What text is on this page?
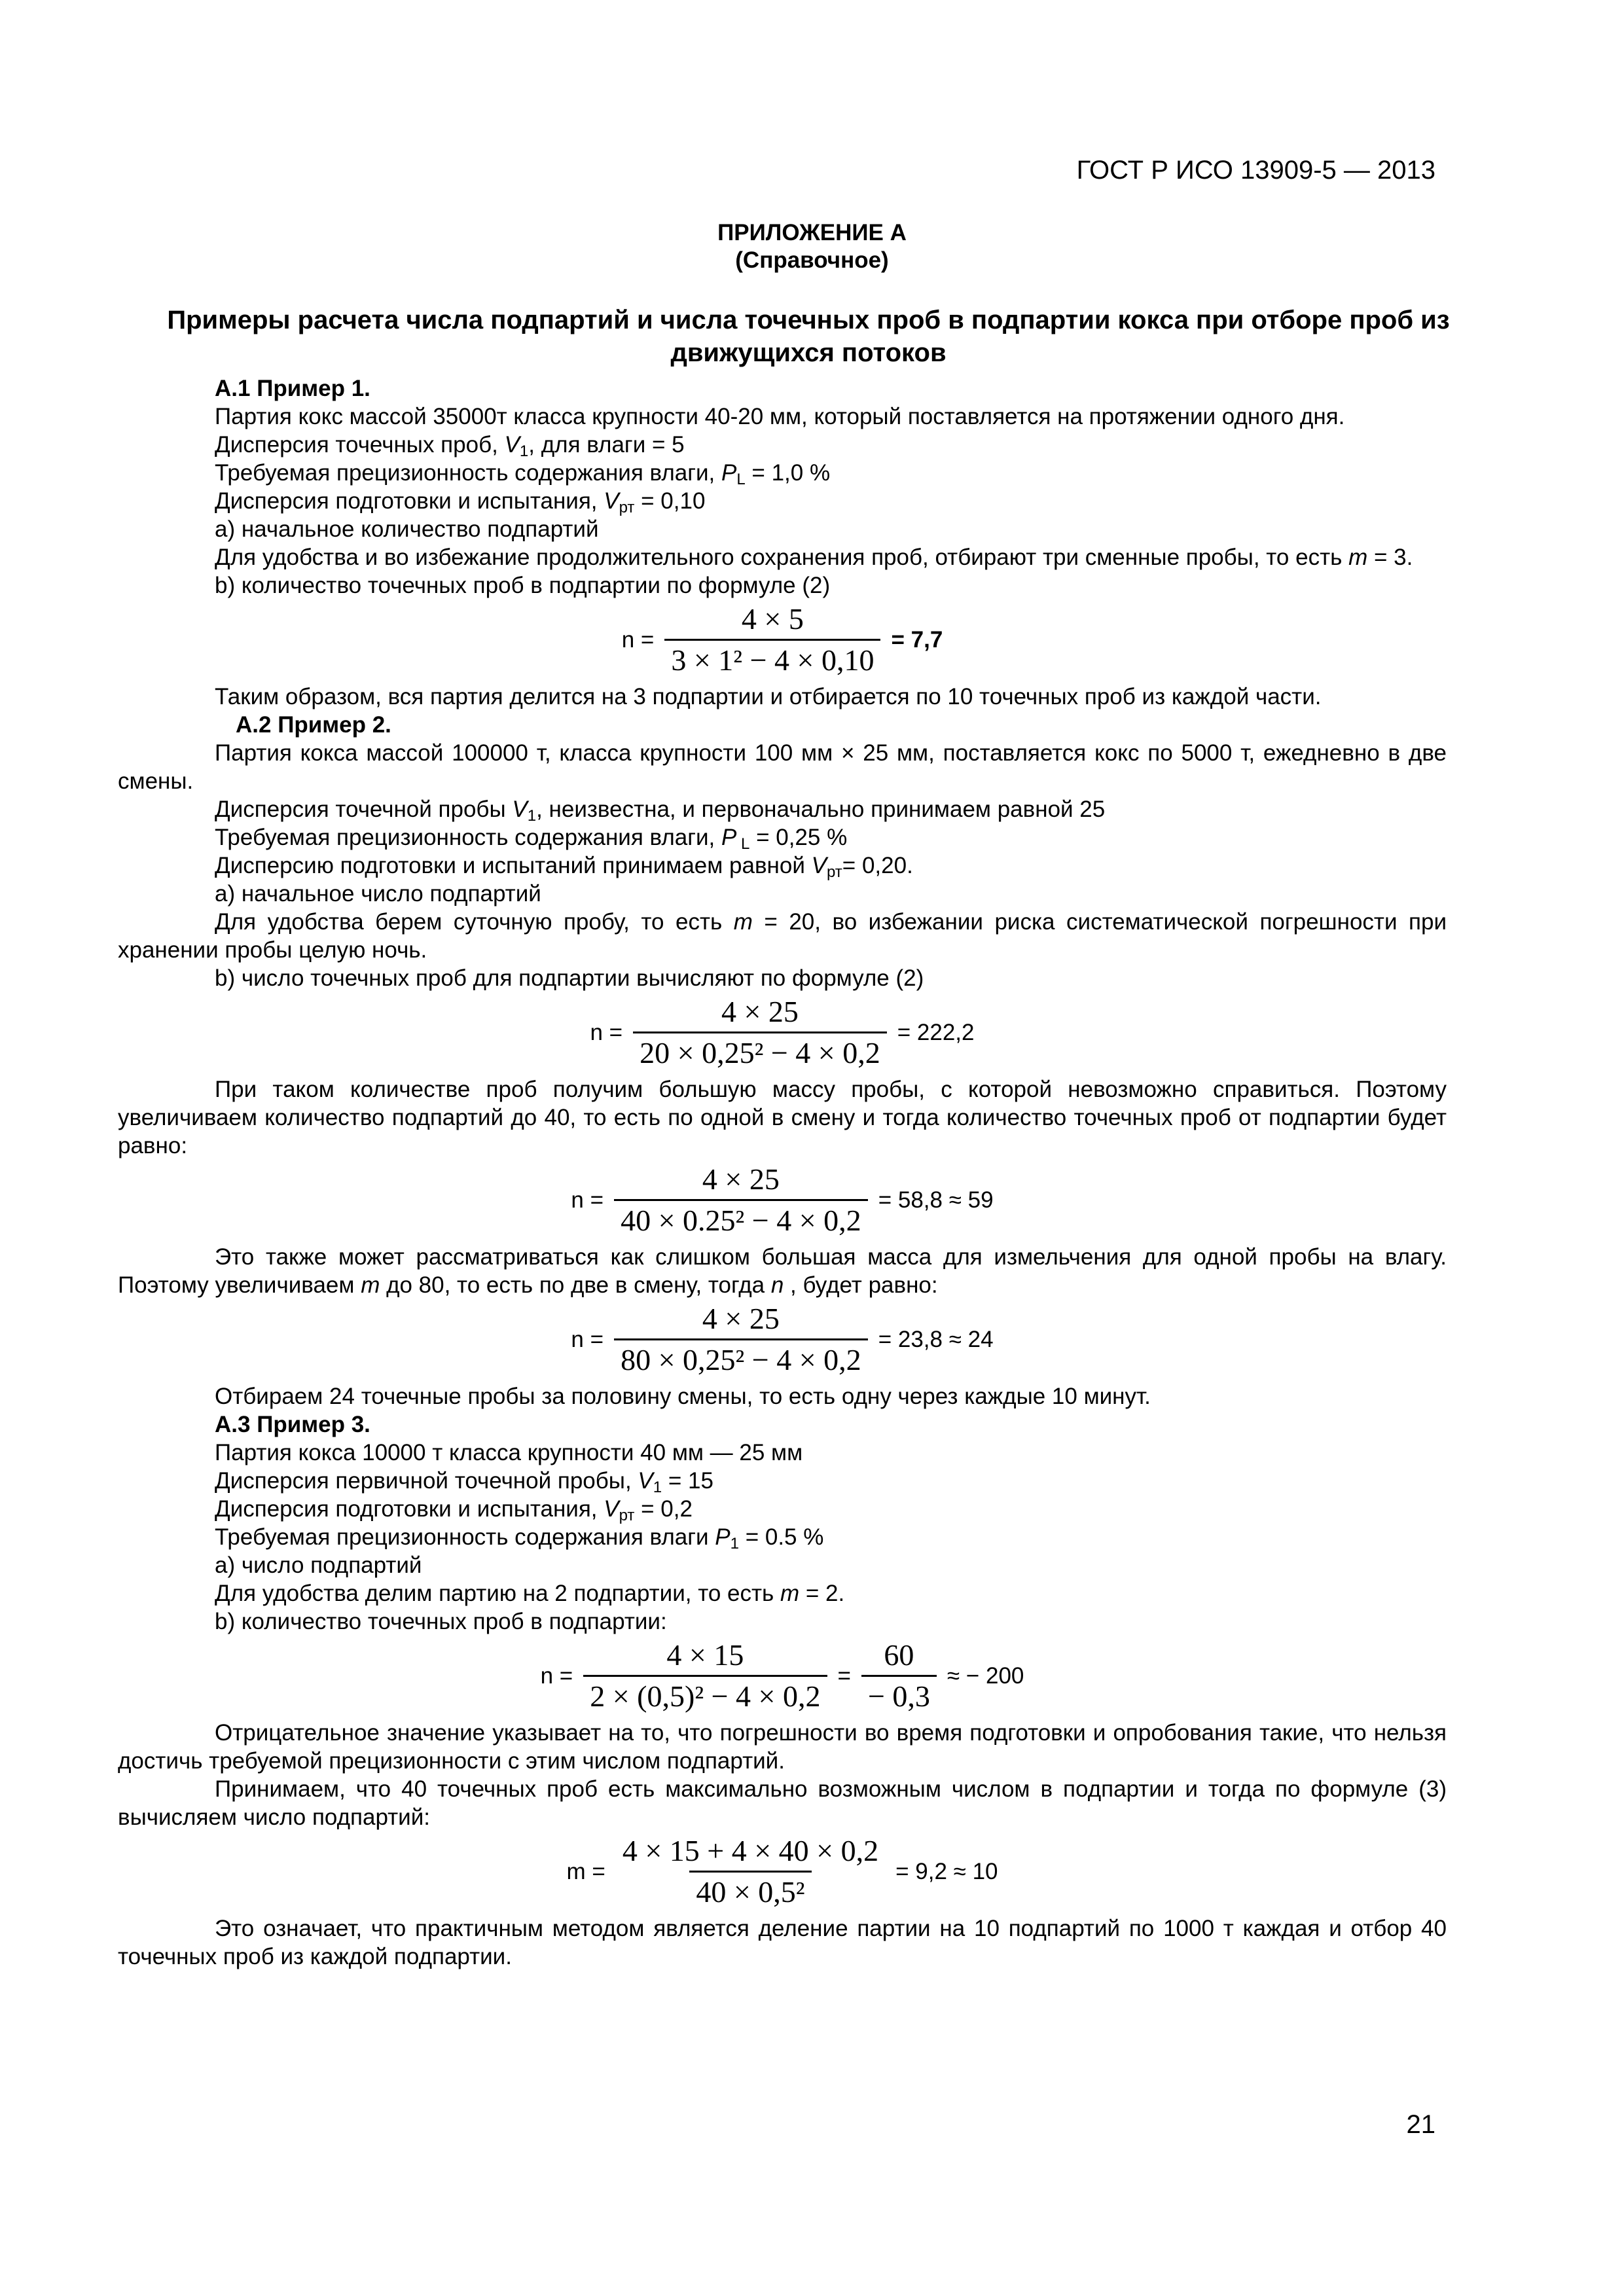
ГОСТ Р ИСО 13909-5 — 2013
ПРИЛОЖЕНИЕ А
(Справочное)
Примеры расчета числа подпартий и числа точечных проб в подпартии кокса при отборе проб из движущихся потоков

А.1 Пример 1.

Партия кокс массой 35000т класса крупности 40-20 мм, который поставляется на протяжении одного дня.

Дисперсия точечных проб, $V_1$, для влаги = 5

Требуемая прецизионность содержания влаги, $P_L = 1,0$ %

Дисперсия подготовки и испытания, $V_{рт} = 0,10$

а) начальное количество подпартий

Для удобства и во избежание продолжительного сохранения проб, отбирают три сменные пробы, то есть m = 3.

b) количество точечных проб в подпартии по формуле (2)

$n = \frac{4 \times 5}{\text{3 × 1² − 4 × 0,10}} = 7,7$

Таким образом, вся партия делится на 3 подпартии и отбирается по 10 точечных проб из каждой части.

А.2 Пример 2.

Партия кокса массой 100000 т, класса крупности 100 мм × 25 мм, поставляется кокс по 5000 т, ежедневно в две смены.

Дисперсия точечной пробы $V_1$, неизвестна, и первоначально принимаем равной 25

Требуемая прецизионность содержания влаги, P $_L$ = 0,25 %

Дисперсию подготовки и испытаний принимаем равной $V_{рт}= 0,20$.

а) начальное число подпартий

Для удобства берем суточную пробу, то есть m = 20, во избежании риска систематической погрешности при хранении пробы целую ночь.

b) число точечных проб для подпартии вычисляют по формуле (2)

$n = \frac{4 \times 25}{\text{20 × 0,25² − 4 × 0,2}} = 222,2$

При таком количестве проб получим большую массу пробы, с которой невозможно справиться. Поэтому увеличиваем количество подпартий до 40, то есть по одной в смену и тогда количество точечных проб от подпартии будет равно:

$n = \frac{4 \times 25}{\text{40 × 0.25² − 4 × 0,2}} = 58,8 \approx 59$

Это также может рассматриваться как слишком большая масса для измельчения для одной пробы на влагу. Поэтому увеличиваем m до 80, то есть по две в смену, тогда n , будет равно:

$n = \frac{4 \times 25}{\text{80 × 0,25² − 4 × 0,2}} = 23,8 \approx 24$

Отбираем 24 точечные пробы за половину смены, то есть одну через каждые 10 минут.

А.3 Пример 3.

Партия кокса 10000 т класса крупности 40 мм — 25 мм

Дисперсия первичной точечной пробы, $V_1 = 15$

Дисперсия подготовки и испытания, $V_{рт} = 0,2$

Требуемая прецизионность содержания влаги $P_1 = 0.5$ %

а) число подпартий

Для удобства делим партию на 2 подпартии, то есть m = 2.

b) количество точечных проб в подпартии:

$n = \frac{4 \times 15}{\text{2 × (0,5)² − 4 × 0,2}} = \frac{60}{- 0,3}$ ≈ − 200

Отрицательное значение указывает на то, что погрешности во время подготовки и опробования такие, что нельзя достичь требуемой прецизионности с этим числом подпартий.

Принимаем, что 40 точечных проб есть максимально возможным числом в подпартии и тогда по формуле (3) вычисляем число подпартий:

$m = \frac{4 \times 15 + 4 \times 40 \times 0,2}{\text{40 × 0,5²}} = 9,2 \approx 10$

Это означает, что практичным методом является деление партии на 10 подпартий по 1000 т каждая и отбор 40 точечных проб из каждой подпартии.

21
